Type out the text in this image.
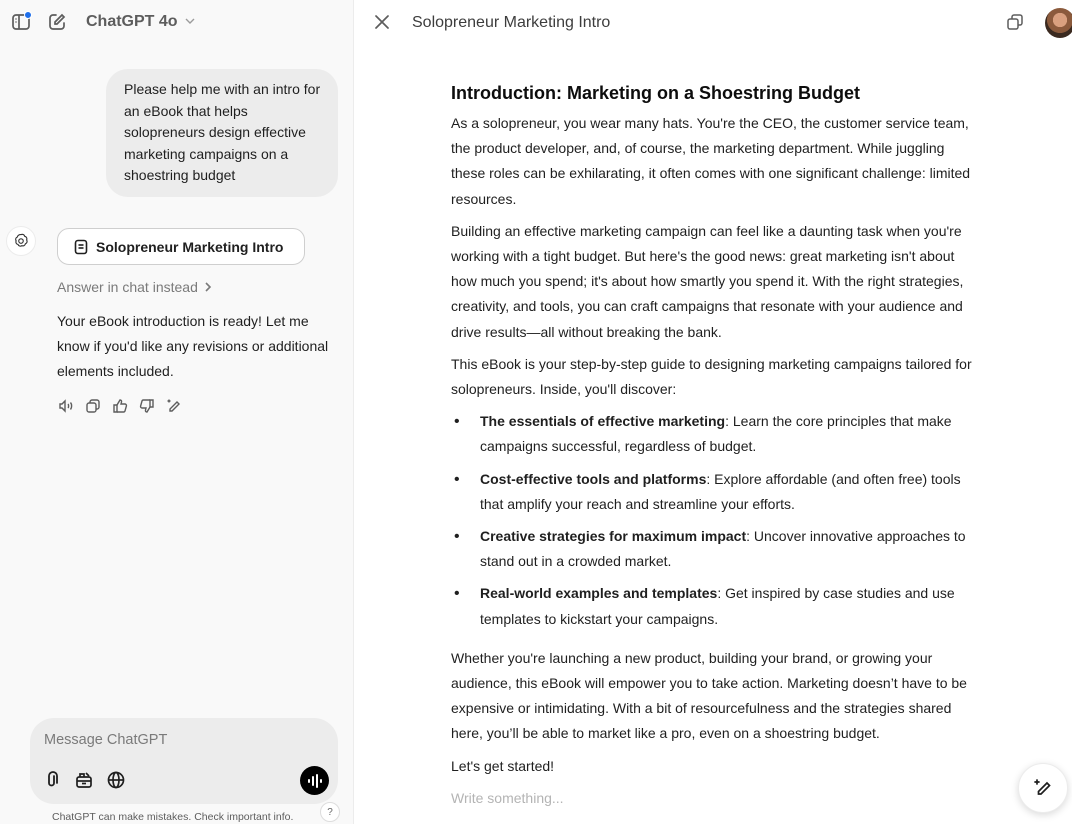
ChatGPT 4o
Please help me with an intro for an eBook that helps solopreneurs design effective marketing campaigns on a shoestring budget
Solopreneur Marketing Intro
Answer in chat instead
Your eBook introduction is ready! Let me know if you'd like any revisions or additional elements included.
Message ChatGPT
ChatGPT can make mistakes. Check important info.	?
Solopreneur Marketing Intro
Introduction: Marketing on a Shoestring Budget

As a solopreneur, you wear many hats. You're the CEO, the customer service team, the product developer, and, of course, the marketing department. While juggling these roles can be exhilarating, it often comes with one significant challenge: limited resources.

Building an effective marketing campaign can feel like a daunting task when you're working with a tight budget. But here's the good news: great marketing isn't about how much you spend; it's about how smartly you spend it. With the right strategies, creativity, and tools, you can craft campaigns that resonate with your audience and drive results—all without breaking the bank.

This eBook is your step-by-step guide to designing marketing campaigns tailored for solopreneurs. Inside, you'll discover:

• The essentials of effective marketing: Learn the core principles that make campaigns successful, regardless of budget.
• Cost-effective tools and platforms: Explore affordable (and often free) tools that amplify your reach and streamline your efforts.
• Creative strategies for maximum impact: Uncover innovative approaches to stand out in a crowded market.
• Real-world examples and templates: Get inspired by case studies and use templates to kickstart your campaigns.

Whether you're launching a new product, building your brand, or growing your audience, this eBook will empower you to take action. Marketing doesn’t have to be expensive or intimidating. With a bit of resourcefulness and the strategies shared here, you’ll be able to market like a pro, even on a shoestring budget.

Let's get started!

Write something...
